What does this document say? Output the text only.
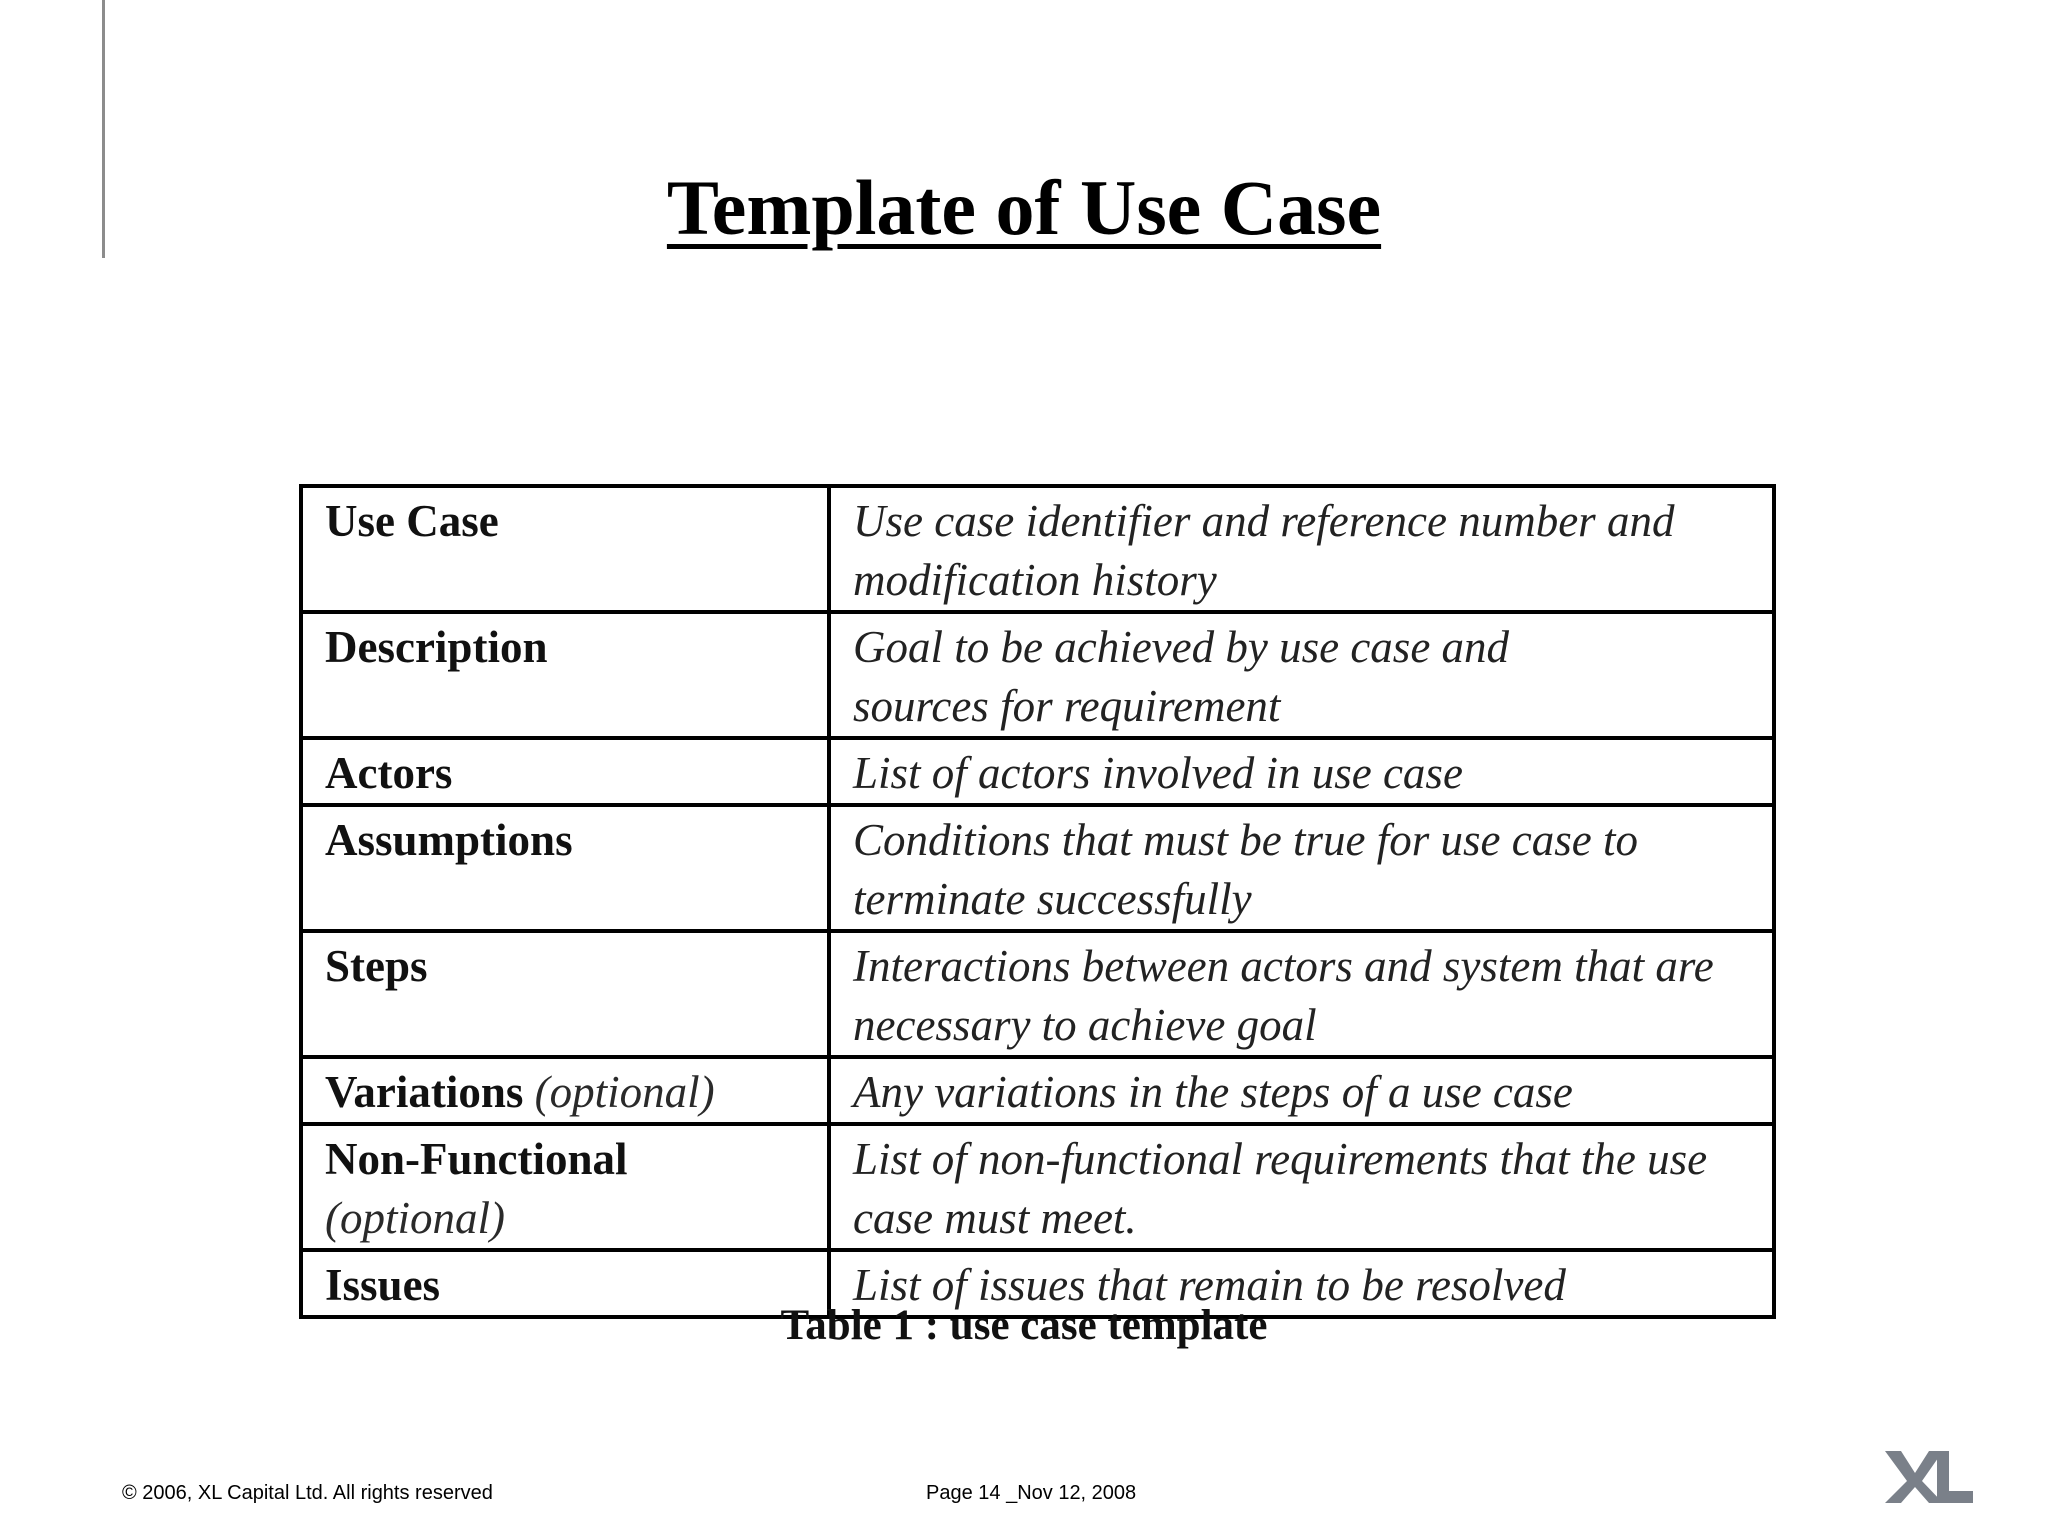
Template of Use Case
Use Case	Use case identifier and reference number and
modification history
Description	Goal to be achieved by use case and
sources for requirement
Actors	List of actors involved in use case
Assumptions	Conditions that must be true for use case to
terminate successfully
Steps	Interactions between actors and system that are
necessary to achieve goal
Variations (optional)	Any variations in the steps of a use case
Non-Functional (optional)	List of non-functional requirements that the use
case must meet.
Issues	List of issues that remain to be resolved
Table 1 : use case template
© 2006, XL Capital Ltd. All rights reserved	Page 14 _Nov 12, 2008
